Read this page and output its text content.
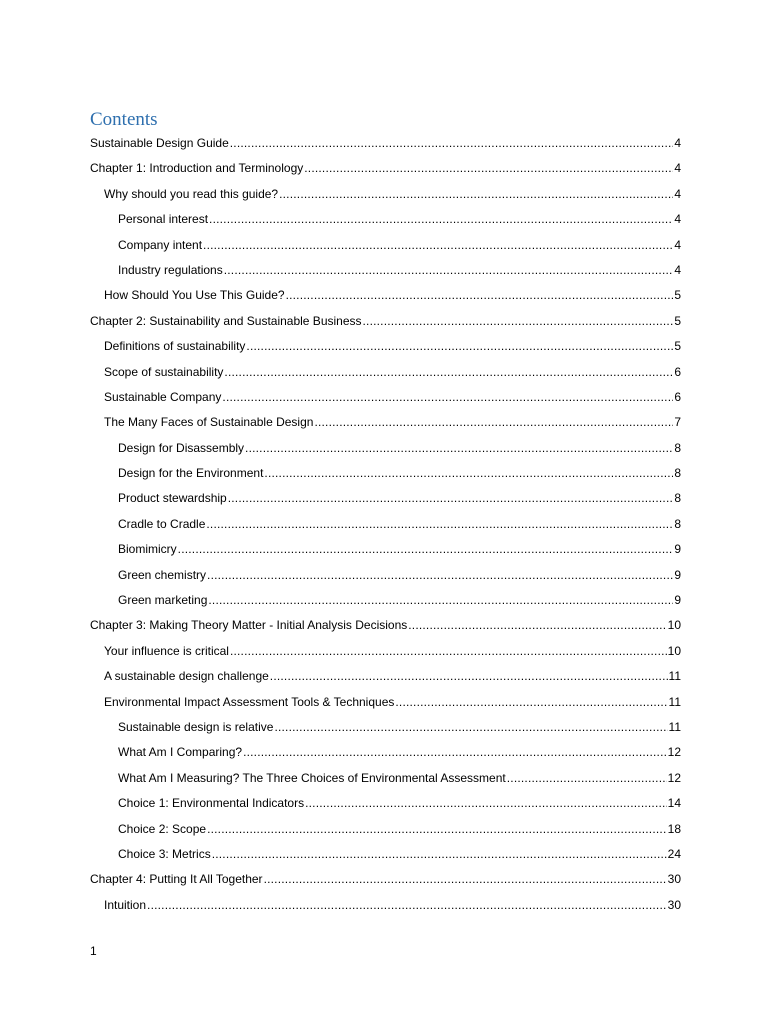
Contents
Sustainable Design Guide .....	4
Chapter 1: Introduction and Terminology .....	4
Why should you read this guide? .....	4
Personal interest .....	4
Company intent .....	4
Industry regulations .....	4
How Should You Use This Guide? .....	5
Chapter 2: Sustainability and Sustainable Business .....	5
Definitions of sustainability .....	5
Scope of sustainability .....	6
Sustainable Company .....	6
The Many Faces of Sustainable Design .....	7
Design for Disassembly .....	8
Design for the Environment .....	8
Product stewardship .....	8
Cradle to Cradle .....	8
Biomimicry .....	9
Green chemistry .....	9
Green marketing .....	9
Chapter 3: Making Theory Matter - Initial Analysis Decisions .....	10
Your influence is critical .....	10
A sustainable design challenge .....	11
Environmental Impact Assessment Tools & Techniques .....	11
Sustainable design is relative .....	11
What Am I Comparing? .....	12
What Am I Measuring? The Three Choices of Environmental Assessment .....	12
Choice 1: Environmental Indicators .....	14
Choice 2: Scope .....	18
Choice 3: Metrics .....	24
Chapter 4: Putting It All Together .....	30
Intuition .....	30
1
